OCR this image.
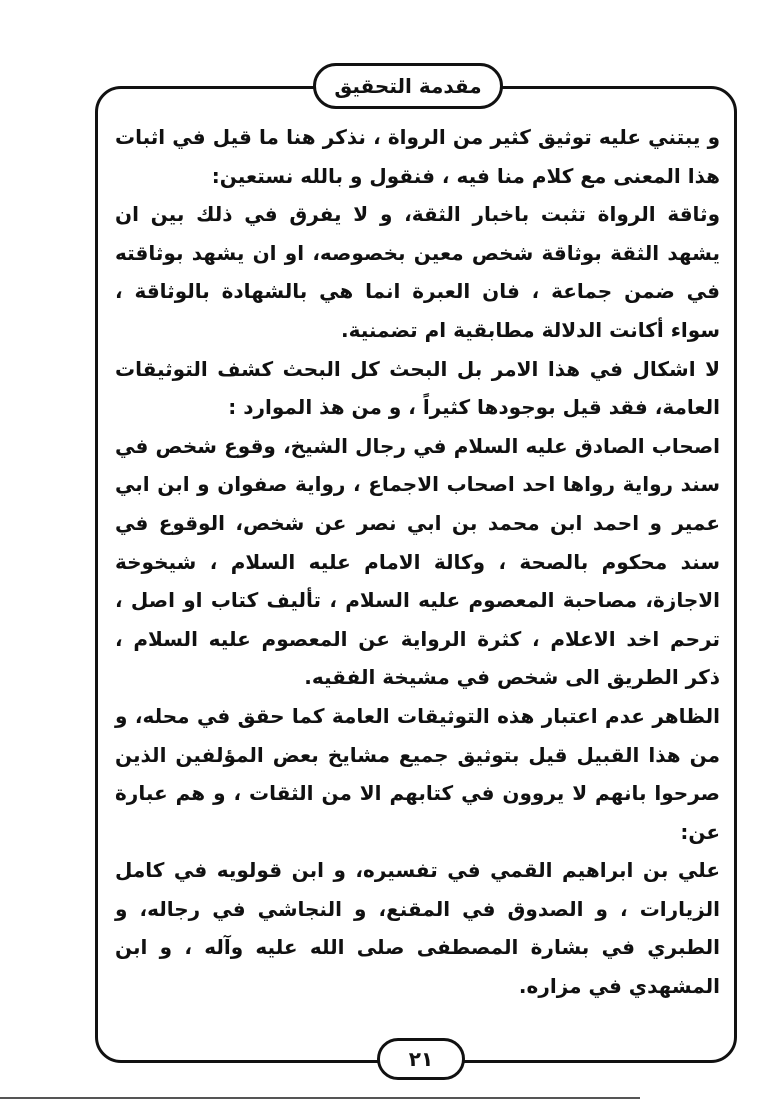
مقدمة التحقيق

و يبتني عليه توثيق كثير من الرواة ، نذكر هنا ما قيل في اثبات هذا المعنى مع كلام منا فيه ، فنقول و بالله نستعين:

وثاقة الرواة تثبت باخبار الثقة، و لا يفرق في ذلك بين ان يشهد الثقة بوثاقة شخص معين بخصوصه، او ان يشهد بوثاقته في ضمن جماعة ، فان العبرة انما هي بالشهادة بالوثاقة ، سواء أكانت الدلالة مطابقية ام تضمنية.

لا اشكال في هذا الامر بل البحث كل البحث كشف التوثيقات العامة، فقد قيل بوجودها كثيراً ، و من هذ الموارد :

اصحاب الصادق عليه السلام في رجال الشيخ، وقوع شخص في سند رواية رواها احد اصحاب الاجماع ، رواية صفوان و ابن ابي عمير و احمد ابن محمد بن ابي نصر عن شخص، الوقوع في سند محكوم بالصحة ، وكالة الامام عليه السلام ، شيخوخة الاجازة، مصاحبة المعصوم عليه السلام ، تأليف كتاب او اصل ، ترحم اخد الاعلام ، كثرة الرواية عن المعصوم عليه السلام ، ذكر الطريق الى شخص في مشيخة الفقيه.

الظاهر عدم اعتبار هذه التوثيقات العامة كما حقق في محله، و من هذا القبيل قيل بتوثيق جميع مشايخ بعض المؤلفين الذين صرحوا بانهم لا يروون في كتابهم الا من الثقات ، و هم عبارة عن:

علي بن ابراهيم القمي في تفسيره، و ابن قولويه في كامل الزيارات ، و الصدوق في المقنع، و النجاشي في رجاله، و الطبري في بشارة المصطفى صلى الله عليه وآله ، و ابن المشهدي في مزاره.

٢١
